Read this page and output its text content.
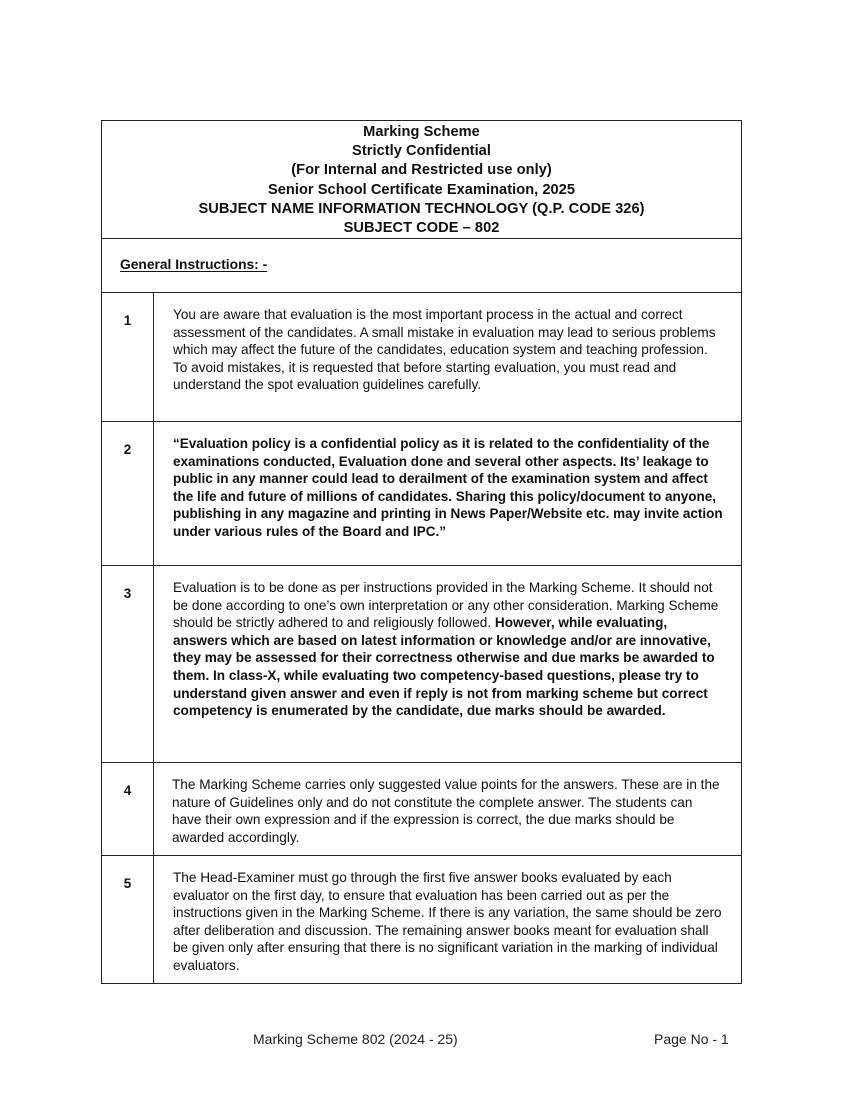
Marking Scheme
Strictly Confidential
(For Internal and Restricted use only)
Senior School Certificate Examination, 2025
SUBJECT NAME INFORMATION TECHNOLOGY (Q.P. CODE 326)
SUBJECT CODE – 802
General Instructions: -
1	You are aware that evaluation is the most important process in the actual and correct assessment of the candidates. A small mistake in evaluation may lead to serious problems which may affect the future of the candidates, education system and teaching profession. To avoid mistakes, it is requested that before starting evaluation, you must read and understand the spot evaluation guidelines carefully.
2	“Evaluation policy is a confidential policy as it is related to the confidentiality of the examinations conducted, Evaluation done and several other aspects. Its’ leakage to public in any manner could lead to derailment of the examination system and affect the life and future of millions of candidates. Sharing this policy/document to anyone, publishing in any magazine and printing in News Paper/Website etc. may invite action under various rules of the Board and IPC.”
3	Evaluation is to be done as per instructions provided in the Marking Scheme. It should not be done according to one’s own interpretation or any other consideration. Marking Scheme should be strictly adhered to and religiously followed. However, while evaluating, answers which are based on latest information or knowledge and/or are innovative, they may be assessed for their correctness otherwise and due marks be awarded to them. In class-X, while evaluating two competency-based questions, please try to understand given answer and even if reply is not from marking scheme but correct competency is enumerated by the candidate, due marks should be awarded.
4	The Marking Scheme carries only suggested value points for the answers. These are in the nature of Guidelines only and do not constitute the complete answer. The students can have their own expression and if the expression is correct, the due marks should be awarded accordingly.
5	The Head-Examiner must go through the first five answer books evaluated by each evaluator on the first day, to ensure that evaluation has been carried out as per the instructions given in the Marking Scheme. If there is any variation, the same should be zero after deliberation and discussion. The remaining answer books meant for evaluation shall be given only after ensuring that there is no significant variation in the marking of individual evaluators.
Marking Scheme 802 (2024 - 25)	Page No - 1
